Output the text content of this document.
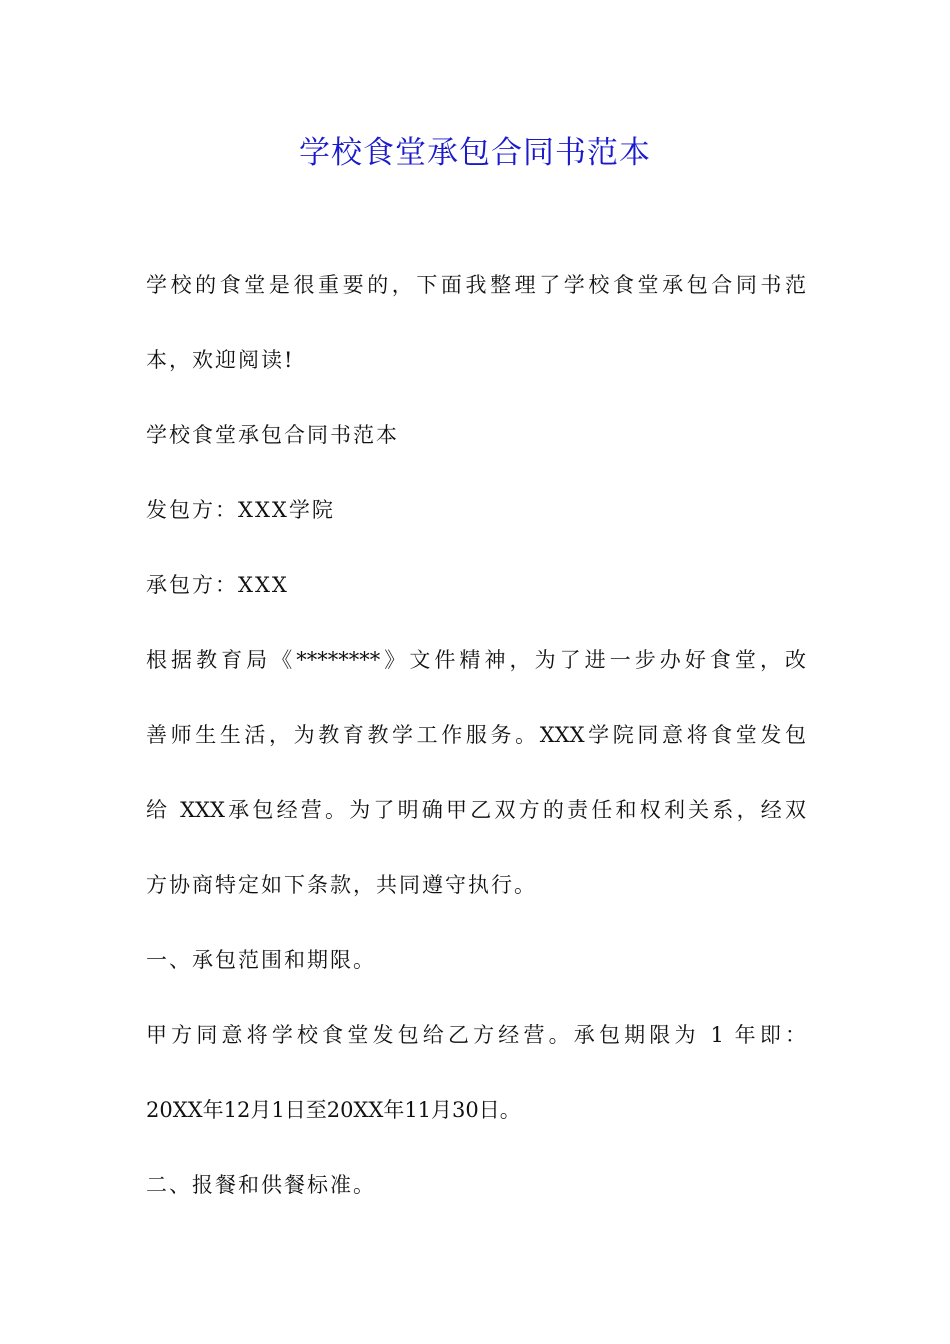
学校食堂承包合同书范本
学校的食堂是很重要的，下面我整理了学校食堂承包合同书范
本，欢迎阅读!
学校食堂承包合同书范本
发包方：XXX学院
承包方：XXX
根据教育局《********》文件精神，为了进一步办好食堂，改
善师生生活，为教育教学工作服务。XXX学院同意将食堂发包
给 XXX承包经营。为了明确甲乙双方的责任和权利关系，经双
方协商特定如下条款，共同遵守执行。
一、承包范围和期限。
甲方同意将学校食堂发包给乙方经营。承包期限为 1 年即：
20XX年12月1日至20XX年11月30日。
二、报餐和供餐标准。
